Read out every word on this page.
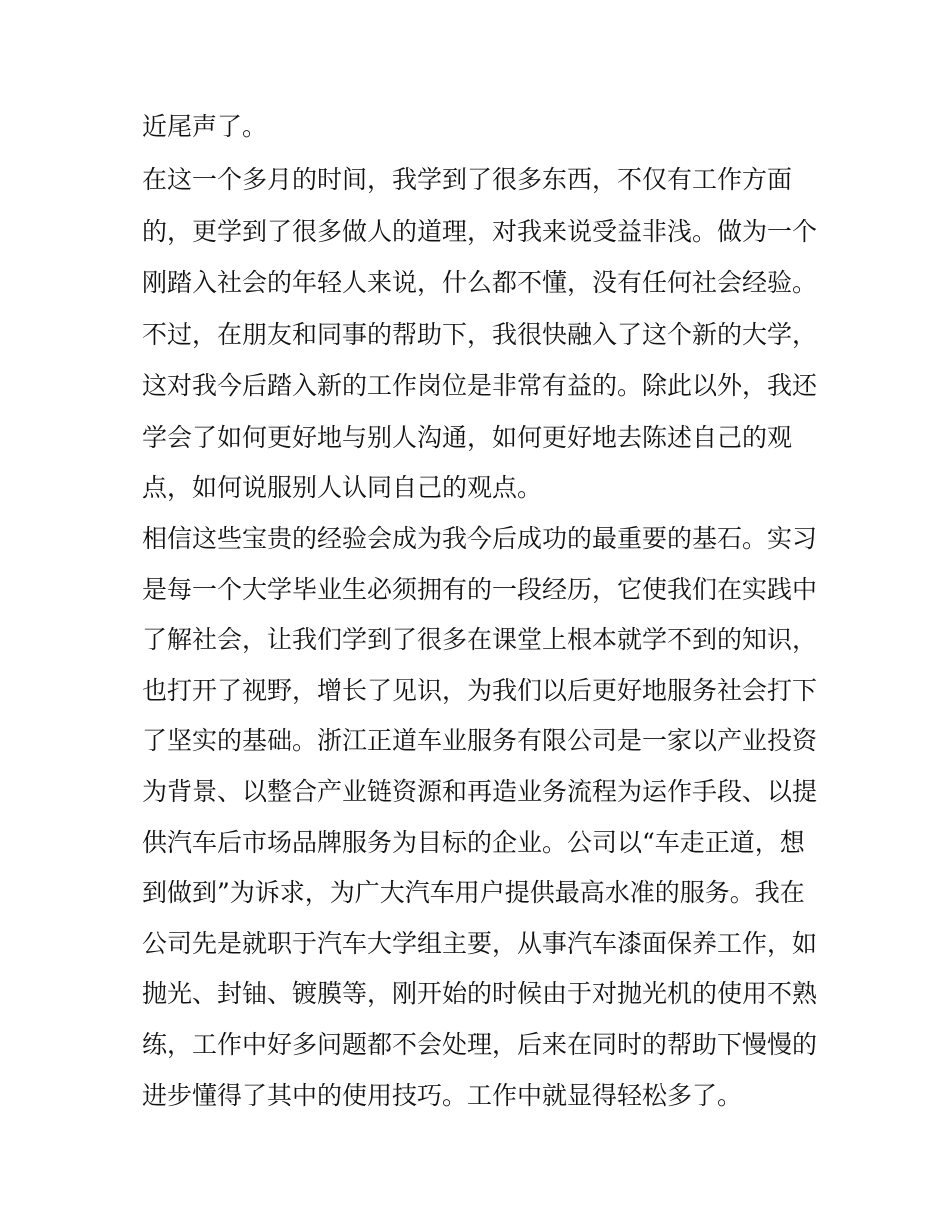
近尾声了。
在这一个多月的时间，我学到了很多东西，不仅有工作方面
的，更学到了很多做人的道理，对我来说受益非浅。做为一个
刚踏入社会的年轻人来说，什么都不懂，没有任何社会经验。
不过，在朋友和同事的帮助下，我很快融入了这个新的大学，
这对我今后踏入新的工作岗位是非常有益的。除此以外，我还
学会了如何更好地与别人沟通，如何更好地去陈述自己的观
点，如何说服别人认同自己的观点。
相信这些宝贵的经验会成为我今后成功的最重要的基石。实习
是每一个大学毕业生必须拥有的一段经历，它使我们在实践中
了解社会，让我们学到了很多在课堂上根本就学不到的知识，
也打开了视野，增长了见识，为我们以后更好地服务社会打下
了坚实的基础。浙江正道车业服务有限公司是一家以产业投资
为背景、以整合产业链资源和再造业务流程为运作手段、以提
供汽车后市场品牌服务为目标的企业。公司以“车走正道，想
到做到”为诉求，为广大汽车用户提供最高水准的服务。我在
公司先是就职于汽车大学组主要，从事汽车漆面保养工作，如
抛光、封铀、镀膜等，刚开始的时候由于对抛光机的使用不熟
练，工作中好多问题都不会处理，后来在同时的帮助下慢慢的
进步懂得了其中的使用技巧。工作中就显得轻松多了。
